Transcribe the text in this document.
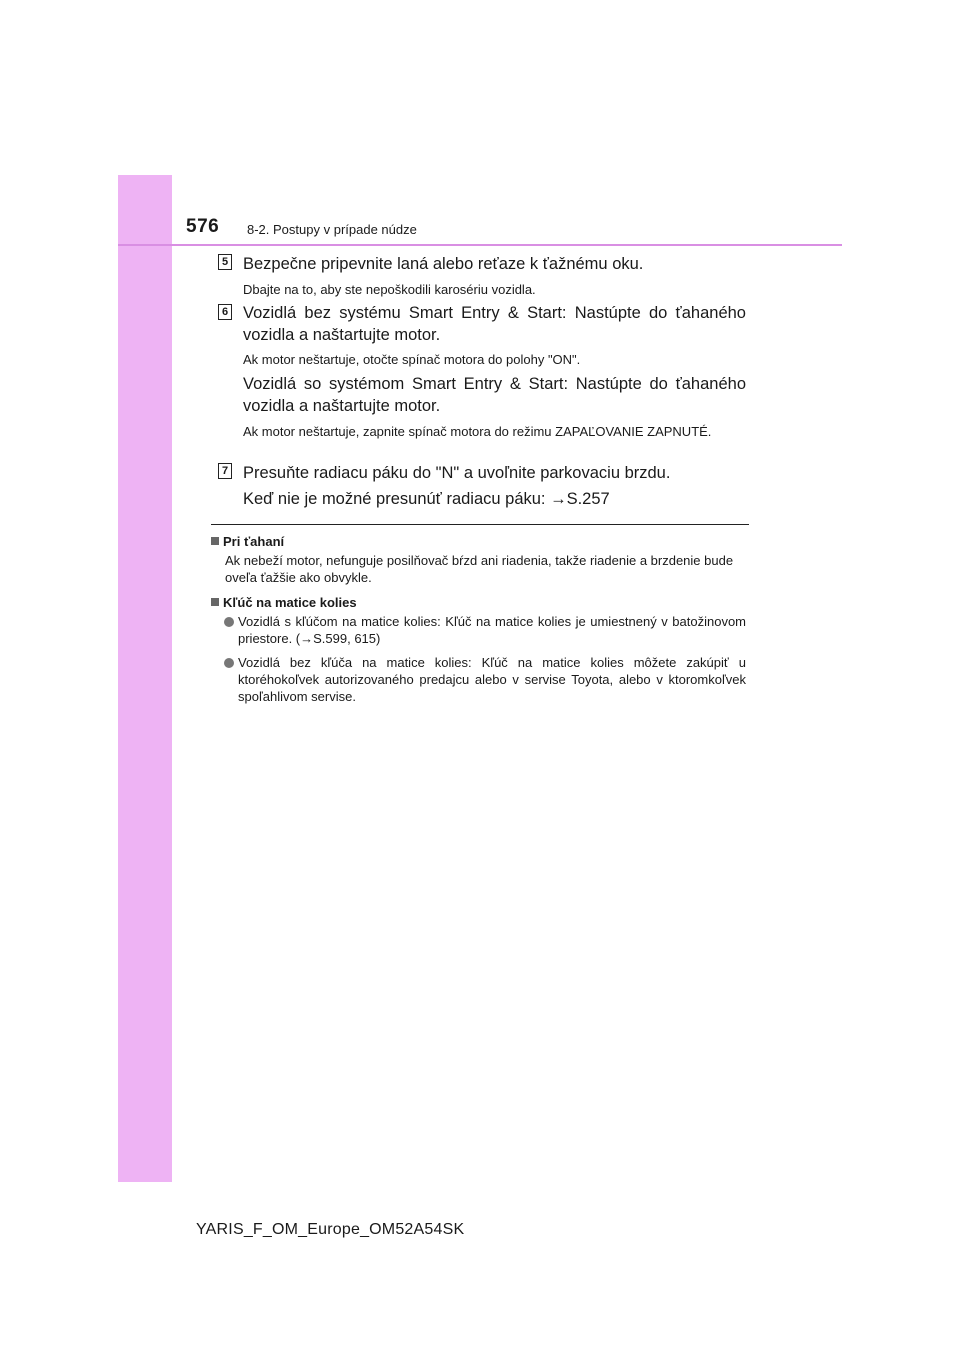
576 8-2. Postupy v prípade núdze
5 Bezpečne pripevnite laná alebo reťaze k ťažnému oku.
Dbajte na to, aby ste nepoškodili karosériu vozidla.
6 Vozidlá bez systému Smart Entry & Start: Nastúpte do ťahaného vozidla a naštartujte motor.
Ak motor neštartuje, otočte spínač motora do polohy "ON".
Vozidlá so systémom Smart Entry & Start: Nastúpte do ťahaného vozidla a naštartujte motor.
Ak motor neštartuje, zapnite spínač motora do režimu ZAPAĽOVANIE ZAPNUTÉ.
7 Presuňte radiacu páku do "N" a uvoľnite parkovaciu brzdu.
Keď nie je možné presunúť radiacu páku: →S.257
Pri ťahaní
Ak nebeží motor, nefunguje posilňovač bŕzd ani riadenia, takže riadenie a brzdenie bude oveľa ťažšie ako obvykle.
Kľúč na matice kolies
Vozidlá s kľúčom na matice kolies: Kľúč na matice kolies je umiestnený v batožinovom priestore. (→S.599, 615)
Vozidlá bez kľúča na matice kolies: Kľúč na matice kolies môžete zakúpiť u ktoréhokoľvek autorizovaného predajcu alebo v servise Toyota, alebo v ktoromkoľvek spoľahlivom servise.
YARIS_F_OM_Europe_OM52A54SK
